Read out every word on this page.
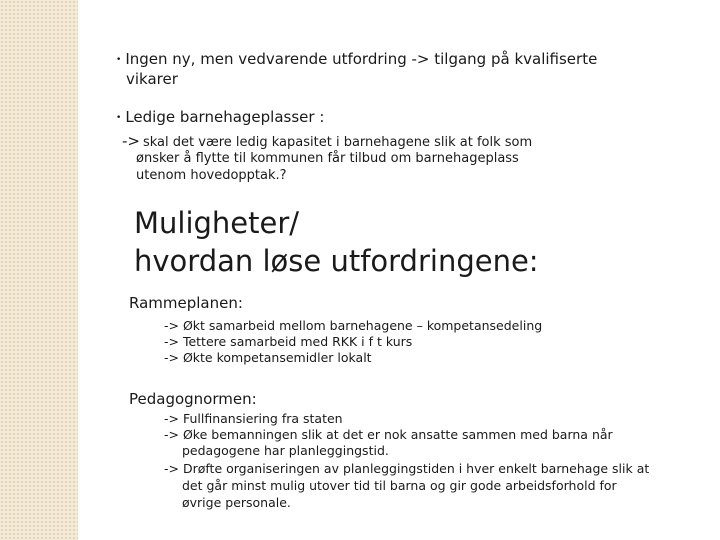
• Ingen ny, men vedvarende utfordring -> tilgang på kvalifiserte

vikarer

• Ledige barnehageplasser :

-> skal det være ledig kapasitet i barnehagene slik at folk som

ønsker å flytte til kommunen får tilbud om barnehageplass

utenom hovedopptak.?

Muligheter/
hvordan løse utfordringene:

Rammeplanen:

-> Økt samarbeid mellom barnehagene – kompetansedeling

-> Tettere samarbeid med RKK i f t kurs

-> Økte kompetansemidler lokalt

Pedagognormen:

-> Fullfinansiering fra staten

-> Øke bemanningen slik at det er nok ansatte sammen med barna når

pedagogene har planleggingstid.

-> Drøfte organiseringen av planleggingstiden i hver enkelt barnehage slik at

det går minst mulig utover tid til barna og gir gode arbeidsforhold for

øvrige personale.
